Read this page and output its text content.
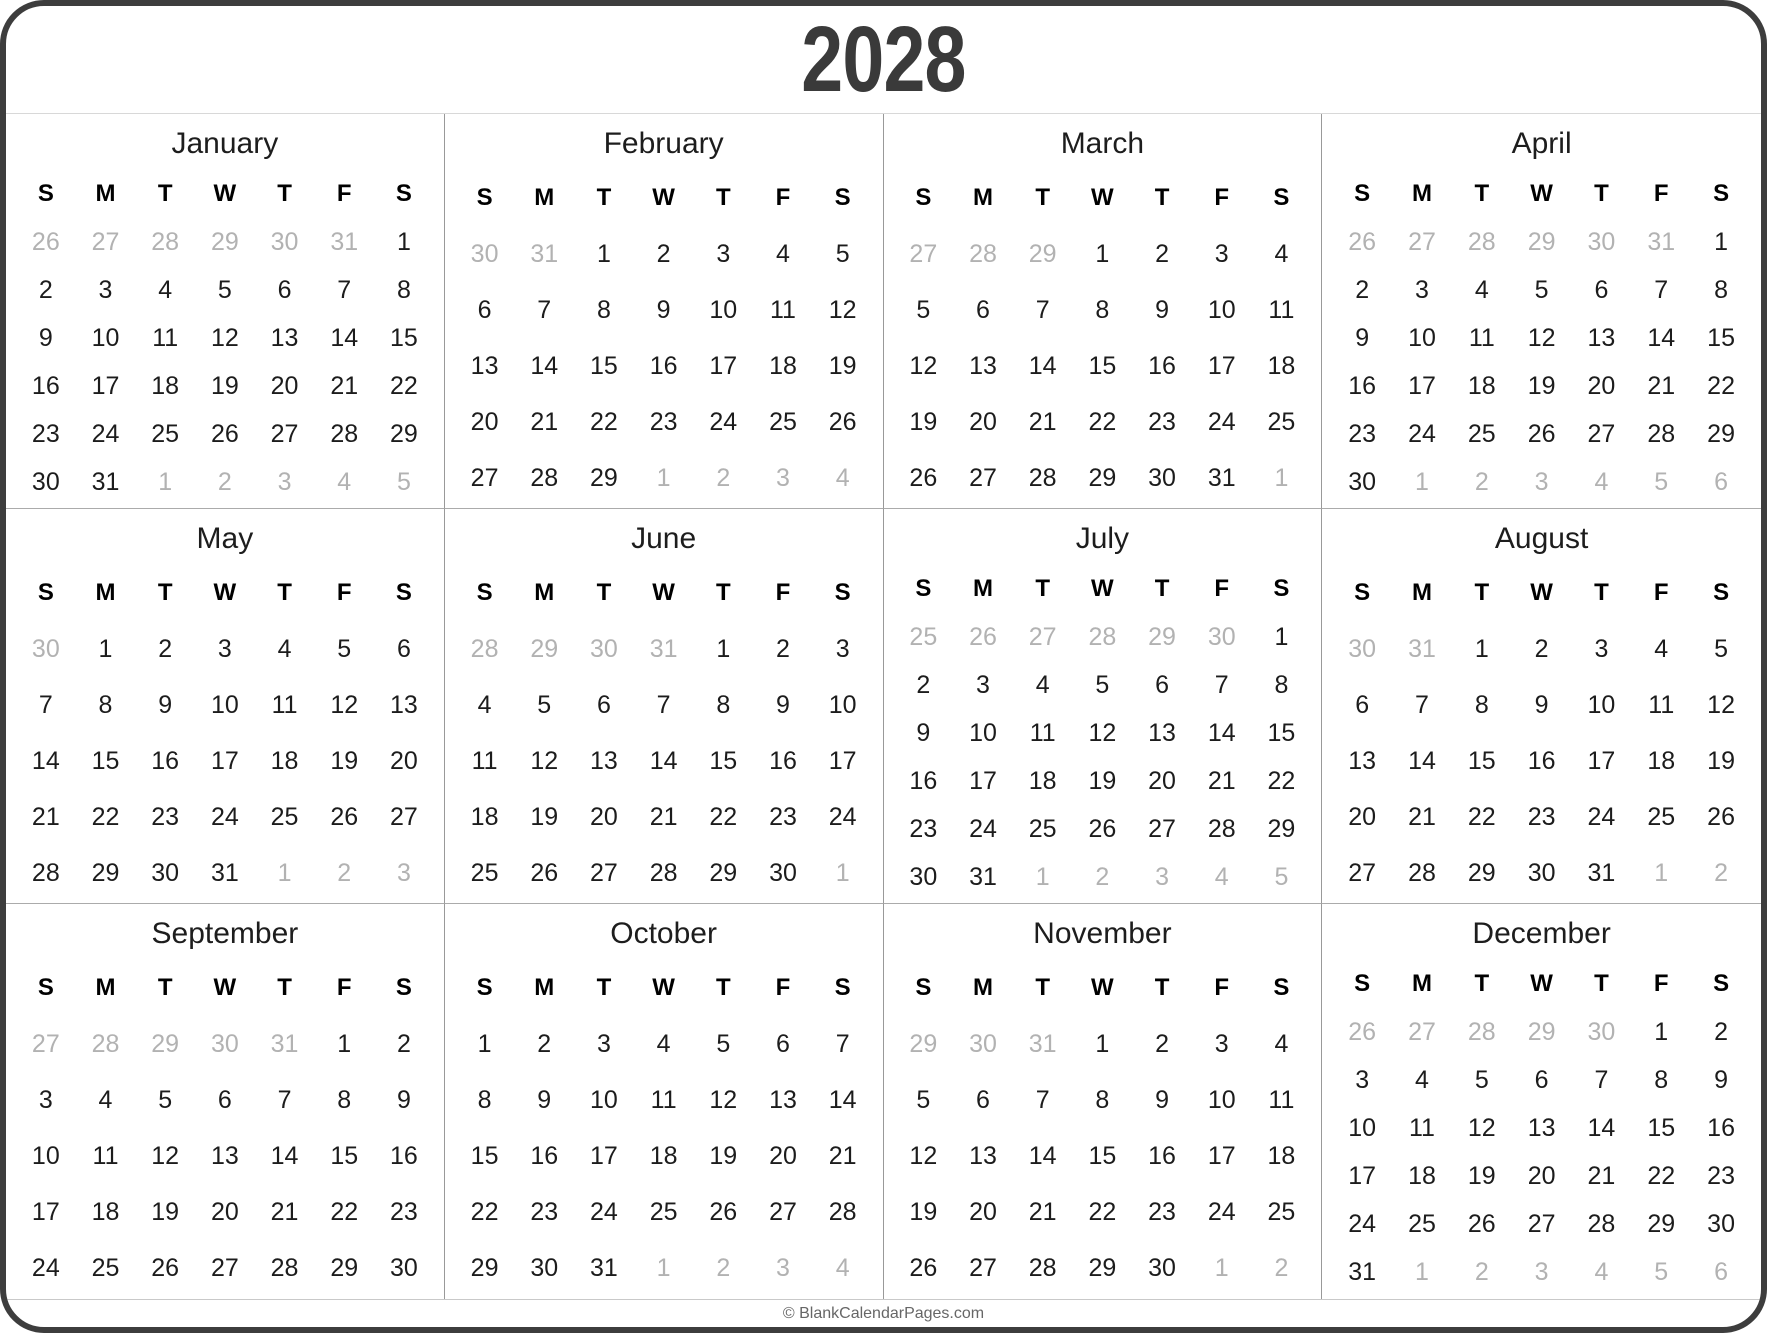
2028
January
S	M	T	W	T	F	S
26	27	28	29	30	31	1
2	3	4	5	6	7	8
9	10	11	12	13	14	15
16	17	18	19	20	21	22
23	24	25	26	27	28	29
30	31	1	2	3	4	5
February
S	M	T	W	T	F	S
30	31	1	2	3	4	5
6	7	8	9	10	11	12
13	14	15	16	17	18	19
20	21	22	23	24	25	26
27	28	29	1	2	3	4
March
S	M	T	W	T	F	S
27	28	29	1	2	3	4
5	6	7	8	9	10	11
12	13	14	15	16	17	18
19	20	21	22	23	24	25
26	27	28	29	30	31	1
April
S	M	T	W	T	F	S
26	27	28	29	30	31	1
2	3	4	5	6	7	8
9	10	11	12	13	14	15
16	17	18	19	20	21	22
23	24	25	26	27	28	29
30	1	2	3	4	5	6
May
S	M	T	W	T	F	S
30	1	2	3	4	5	6
7	8	9	10	11	12	13
14	15	16	17	18	19	20
21	22	23	24	25	26	27
28	29	30	31	1	2	3
June
S	M	T	W	T	F	S
28	29	30	31	1	2	3
4	5	6	7	8	9	10
11	12	13	14	15	16	17
18	19	20	21	22	23	24
25	26	27	28	29	30	1
July
S	M	T	W	T	F	S
25	26	27	28	29	30	1
2	3	4	5	6	7	8
9	10	11	12	13	14	15
16	17	18	19	20	21	22
23	24	25	26	27	28	29
30	31	1	2	3	4	5
August
S	M	T	W	T	F	S
30	31	1	2	3	4	5
6	7	8	9	10	11	12
13	14	15	16	17	18	19
20	21	22	23	24	25	26
27	28	29	30	31	1	2
September
S	M	T	W	T	F	S
27	28	29	30	31	1	2
3	4	5	6	7	8	9
10	11	12	13	14	15	16
17	18	19	20	21	22	23
24	25	26	27	28	29	30
October
S	M	T	W	T	F	S
1	2	3	4	5	6	7
8	9	10	11	12	13	14
15	16	17	18	19	20	21
22	23	24	25	26	27	28
29	30	31	1	2	3	4
November
S	M	T	W	T	F	S
29	30	31	1	2	3	4
5	6	7	8	9	10	11
12	13	14	15	16	17	18
19	20	21	22	23	24	25
26	27	28	29	30	1	2
December
S	M	T	W	T	F	S
26	27	28	29	30	1	2
3	4	5	6	7	8	9
10	11	12	13	14	15	16
17	18	19	20	21	22	23
24	25	26	27	28	29	30
31	1	2	3	4	5	6
© BlankCalendarPages.com
